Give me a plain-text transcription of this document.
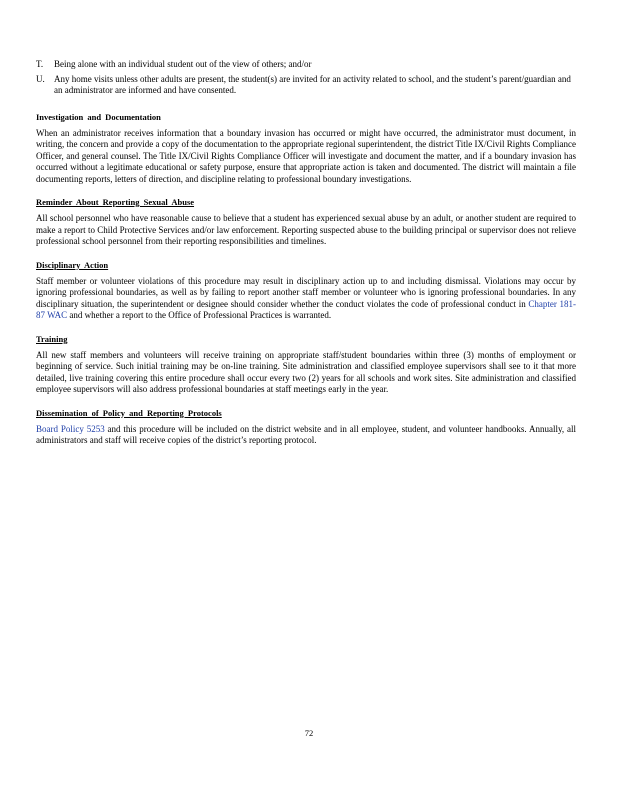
T.	Being alone with an individual student out of the view of others; and/or
U.	Any home visits unless other adults are present, the student(s) are invited for an activity related to school, and the student’s parent/guardian and an administrator are informed and have consented.
Investigation and Documentation

When an administrator receives information that a boundary invasion has occurred or might have occurred, the administrator must document, in writing, the concern and provide a copy of the documentation to the appropriate regional superintendent, the district Title IX/Civil Rights Compliance Officer, and general counsel. The Title IX/Civil Rights Compliance Officer will investigate and document the matter, and if a boundary invasion has occurred without a legitimate educational or safety purpose, ensure that appropriate action is taken and documented. The district will maintain a file documenting reports, letters of direction, and discipline relating to professional boundary investigations.

Reminder About Reporting Sexual Abuse

All school personnel who have reasonable cause to believe that a student has experienced sexual abuse by an adult, or another student are required to make a report to Child Protective Services and/or law enforcement. Reporting suspected abuse to the building principal or supervisor does not relieve professional school personnel from their reporting responsibilities and timelines.

Disciplinary Action

Staff member or volunteer violations of this procedure may result in disciplinary action up to and including dismissal. Violations may occur by ignoring professional boundaries, as well as by failing to report another staff member or volunteer who is ignoring professional boundaries. In any disciplinary situation, the superintendent or designee should consider whether the conduct violates the code of professional conduct in Chapter 181-87 WAC and whether a report to the Office of Professional Practices is warranted.

Training

All new staff members and volunteers will receive training on appropriate staff/student boundaries within three (3) months of employment or beginning of service. Such initial training may be on-line training. Site administration and classified employee supervisors shall see to it that more detailed, live training covering this entire procedure shall occur every two (2) years for all schools and work sites. Site administration and classified employee supervisors will also address professional boundaries at staff meetings early in the year.

Dissemination of Policy and Reporting Protocols

Board Policy 5253 and this procedure will be included on the district website and in all employee, student, and volunteer handbooks. Annually, all administrators and staff will receive copies of the district’s reporting protocol.

72
